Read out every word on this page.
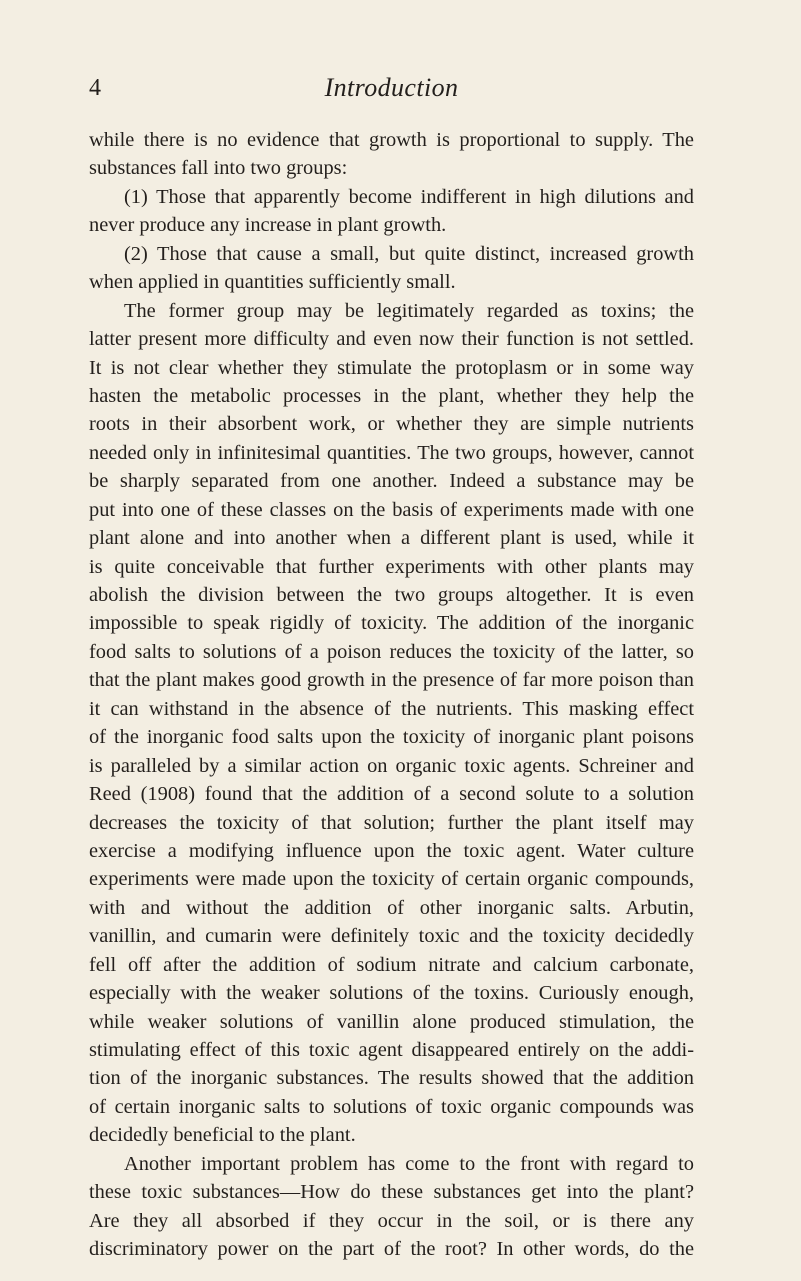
4	Introduction
while there is no evidence that growth is proportional to supply. The
substances fall into two groups:
(1) Those that apparently become indifferent in high dilutions and
never produce any increase in plant growth.
(2) Those that cause a small, but quite distinct, increased growth
when applied in quantities sufficiently small.
The former group may be legitimately regarded as toxins; the
latter present more difficulty and even now their function is not settled.
It is not clear whether they stimulate the protoplasm or in some way
hasten the metabolic processes in the plant, whether they help the
roots in their absorbent work, or whether they are simple nutrients
needed only in infinitesimal quantities. The two groups, however, cannot
be sharply separated from one another. Indeed a substance may be
put into one of these classes on the basis of experiments made with one
plant alone and into another when a different plant is used, while it
is quite conceivable that further experiments with other plants may
abolish the division between the two groups altogether. It is even
impossible to speak rigidly of toxicity. The addition of the inorganic
food salts to solutions of a poison reduces the toxicity of the latter, so
that the plant makes good growth in the presence of far more poison than
it can withstand in the absence of the nutrients. This masking effect
of the inorganic food salts upon the toxicity of inorganic plant poisons
is paralleled by a similar action on organic toxic agents. Schreiner and
Reed (1908) found that the addition of a second solute to a solution
decreases the toxicity of that solution; further the plant itself may
exercise a modifying influence upon the toxic agent. Water culture
experiments were made upon the toxicity of certain organic compounds,
with and without the addition of other inorganic salts. Arbutin,
vanillin, and cumarin were definitely toxic and the toxicity decidedly
fell off after the addition of sodium nitrate and calcium carbonate,
especially with the weaker solutions of the toxins. Curiously enough,
while weaker solutions of vanillin alone produced stimulation, the
stimulating effect of this toxic agent disappeared entirely on the addi-
tion of the inorganic substances. The results showed that the addition
of certain inorganic salts to solutions of toxic organic compounds was
decidedly beneficial to the plant.
Another important problem has come to the front with regard to
these toxic substances—How do these substances get into the plant?
Are they all absorbed if they occur in the soil, or is there any
discriminatory power on the part of the root? In other words, do the
